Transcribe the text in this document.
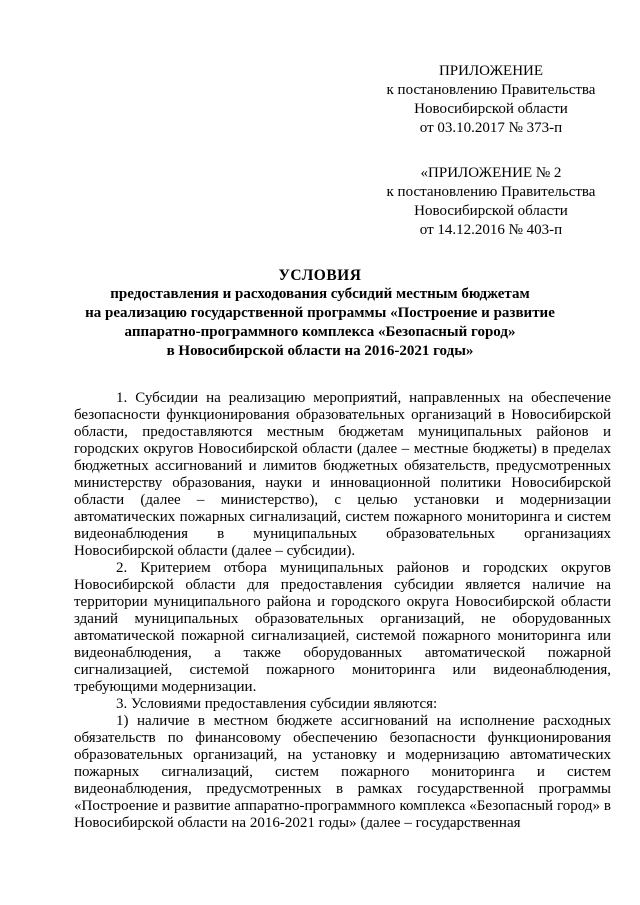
ПРИЛОЖЕНИЕ
к постановлению Правительства
Новосибирской области
от 03.10.2017 № 373-п
«ПРИЛОЖЕНИЕ № 2
к постановлению Правительства
Новосибирской области
от 14.12.2016 № 403-п
УСЛОВИЯ
предоставления и расходования субсидий местным бюджетам
на реализацию государственной программы «Построение и развитие
аппаратно-программного комплекса «Безопасный город»
в Новосибирской области на 2016-2021 годы»

1. Субсидии на реализацию мероприятий, направленных на обеспечение безопасности функционирования образовательных организаций в Новосибирской области, предоставляются местным бюджетам муниципальных районов и городских округов Новосибирской области (далее – местные бюджеты) в пределах бюджетных ассигнований и лимитов бюджетных обязательств, предусмотренных министерству образования, науки и инновационной политики Новосибирской области (далее – министерство), с целью установки и модернизации автоматических пожарных сигнализаций, систем пожарного мониторинга и систем видеонаблюдения в муниципальных образовательных организациях Новосибирской области (далее – субсидии).

2. Критерием отбора муниципальных районов и городских округов Новосибирской области для предоставления субсидии является наличие на территории муниципального района и городского округа Новосибирской области зданий муниципальных образовательных организаций, не оборудованных автоматической пожарной сигнализацией, системой пожарного мониторинга или видеонаблюдения, а также оборудованных автоматической пожарной сигнализацией, системой пожарного мониторинга или видеонаблюдения, требующими модернизации.

3. Условиями предоставления субсидии являются:

1) наличие в местном бюджете ассигнований на исполнение расходных обязательств по финансовому обеспечению безопасности функционирования образовательных организаций, на установку и модернизацию автоматических пожарных сигнализаций, систем пожарного мониторинга и систем видеонаблюдения, предусмотренных в рамках государственной программы «Построение и развитие аппаратно-программного комплекса «Безопасный город» в Новосибирской области на 2016-2021 годы» (далее – государственная
